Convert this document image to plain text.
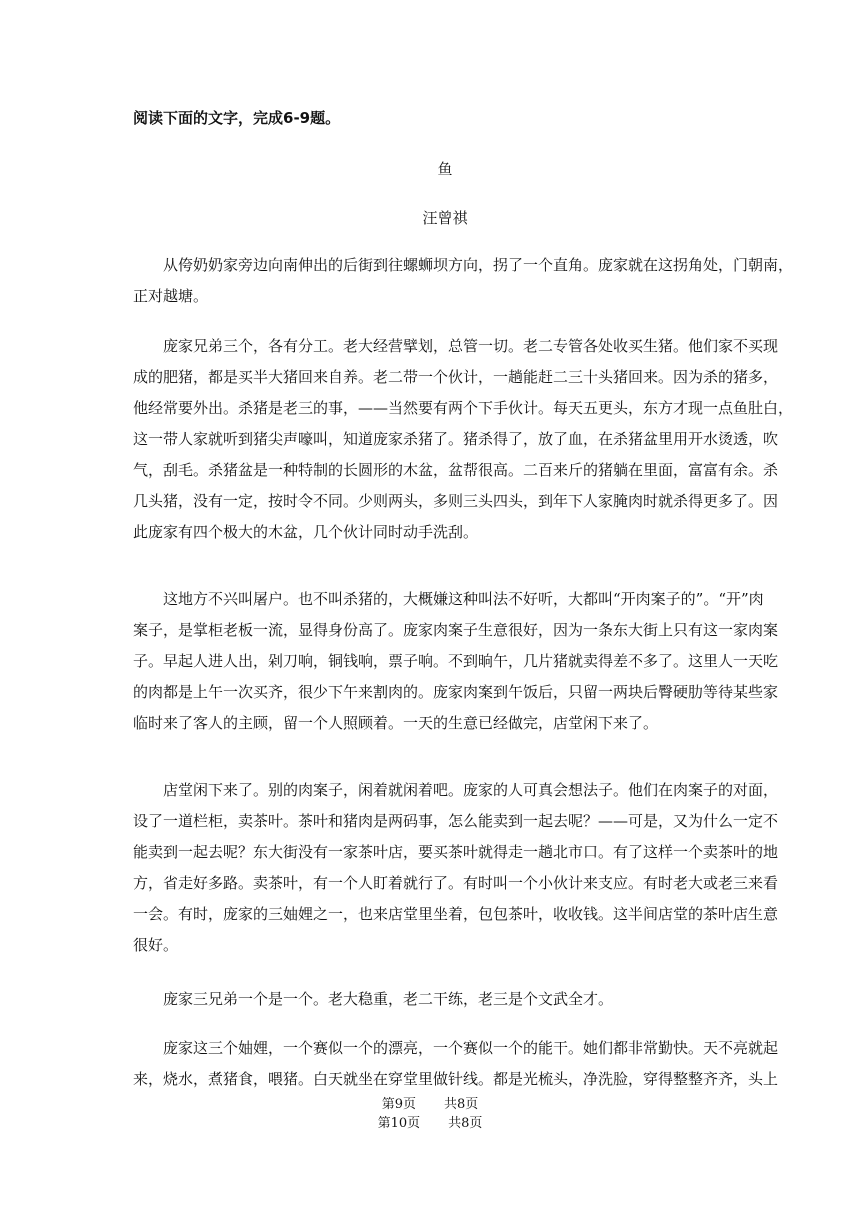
阅读下面的文字，完成6-9题。
鱼
汪曾祺
从侉奶奶家旁边向南伸出的后街到往螺蛳坝方向，拐了一个直角。庞家就在这拐角处，门朝南，
正对越塘。
庞家兄弟三个，各有分工。老大经营擘划，总管一切。老二专管各处收买生猪。他们家不买现
成的肥猪，都是买半大猪回来自养。老二带一个伙计，一趟能赶二三十头猪回来。因为杀的猪多，
他经常要外出。杀猪是老三的事，——当然要有两个下手伙计。每天五更头，东方才现一点鱼肚白，
这一带人家就听到猪尖声嚎叫，知道庞家杀猪了。猪杀得了，放了血，在杀猪盆里用开水烫透，吹
气，刮毛。杀猪盆是一种特制的长圆形的木盆，盆帮很高。二百来斤的猪躺在里面，富富有余。杀
几头猪，没有一定，按时令不同。少则两头，多则三头四头，到年下人家腌肉时就杀得更多了。因
此庞家有四个极大的木盆，几个伙计同时动手洗刮。
这地方不兴叫屠户。也不叫杀猪的，大概嫌这种叫法不好听，大都叫“开肉案子的”。“开”肉
案子，是掌柜老板一流，显得身份高了。庞家肉案子生意很好，因为一条东大街上只有这一家肉案
子。早起人进人出，剁刀响，铜钱响，票子响。不到晌午，几片猪就卖得差不多了。这里人一天吃
的肉都是上午一次买齐，很少下午来割肉的。庞家肉案到午饭后，只留一两块后臀硬肋等待某些家
临时来了客人的主顾，留一个人照顾着。一天的生意已经做完，店堂闲下来了。
店堂闲下来了。别的肉案子，闲着就闲着吧。庞家的人可真会想法子。他们在肉案子的对面，
设了一道栏柜，卖茶叶。茶叶和猪肉是两码事，怎么能卖到一起去呢？——可是，又为什么一定不
能卖到一起去呢？东大街没有一家茶叶店，要买茶叶就得走一趟北市口。有了这样一个卖茶叶的地
方，省走好多路。卖茶叶，有一个人盯着就行了。有时叫一个小伙计来支应。有时老大或老三来看
一会。有时，庞家的三妯娌之一，也来店堂里坐着，包包茶叶，收收钱。这半间店堂的茶叶店生意
很好。
庞家三兄弟一个是一个。老大稳重，老二干练，老三是个文武全才。
庞家这三个妯娌，一个赛似一个的漂亮，一个赛似一个的能干。她们都非常勤快。天不亮就起
来，烧水，煮猪食，喂猪。白天就坐在穿堂里做针线。都是光梳头，净洗脸，穿得整整齐齐，头上
第9页 共8页
第10页 共8页
